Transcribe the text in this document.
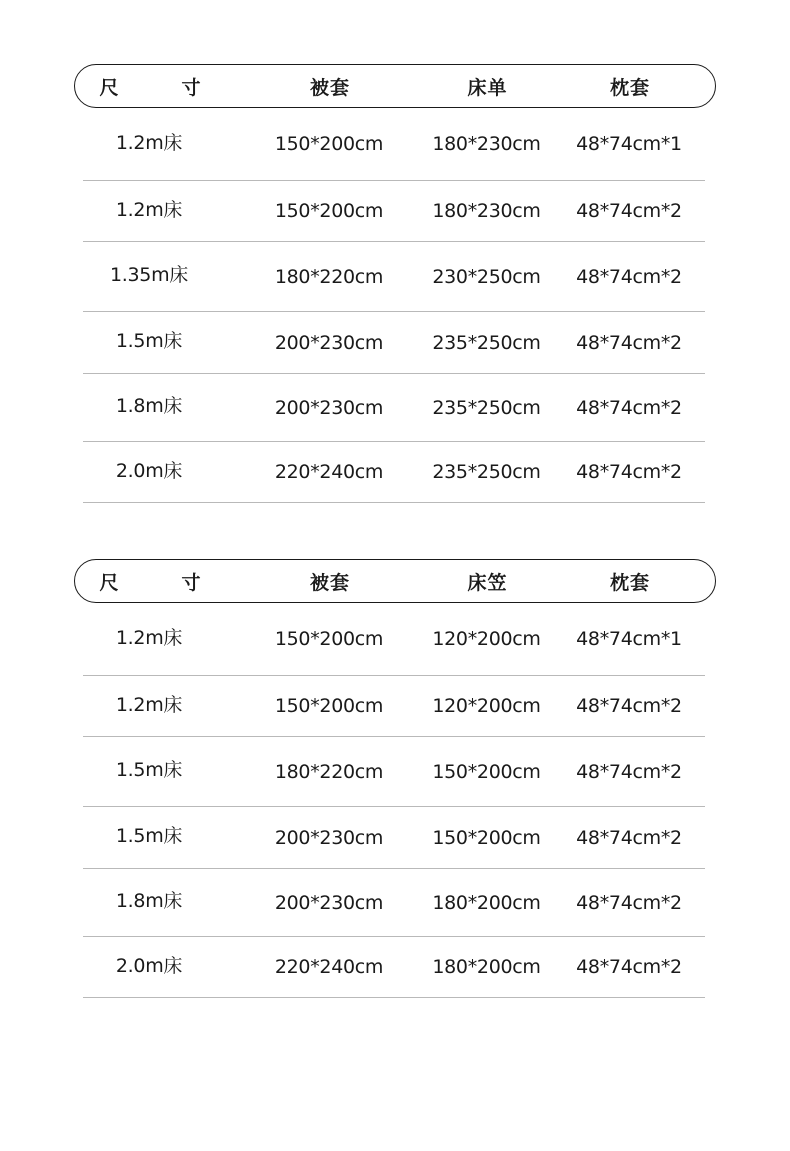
尺　寸	被套	床单	枕套
1.2m床	150*200cm	180*230cm	48*74cm*1
1.2m床	150*200cm	180*230cm	48*74cm*2
1.35m床	180*220cm	230*250cm	48*74cm*2
1.5m床	200*230cm	235*250cm	48*74cm*2
1.8m床	200*230cm	235*250cm	48*74cm*2
2.0m床	220*240cm	235*250cm	48*74cm*2
尺　寸	被套	床笠	枕套
1.2m床	150*200cm	120*200cm	48*74cm*1
1.2m床	150*200cm	120*200cm	48*74cm*2
1.5m床	180*220cm	150*200cm	48*74cm*2
1.5m床	200*230cm	150*200cm	48*74cm*2
1.8m床	200*230cm	180*200cm	48*74cm*2
2.0m床	220*240cm	180*200cm	48*74cm*2
